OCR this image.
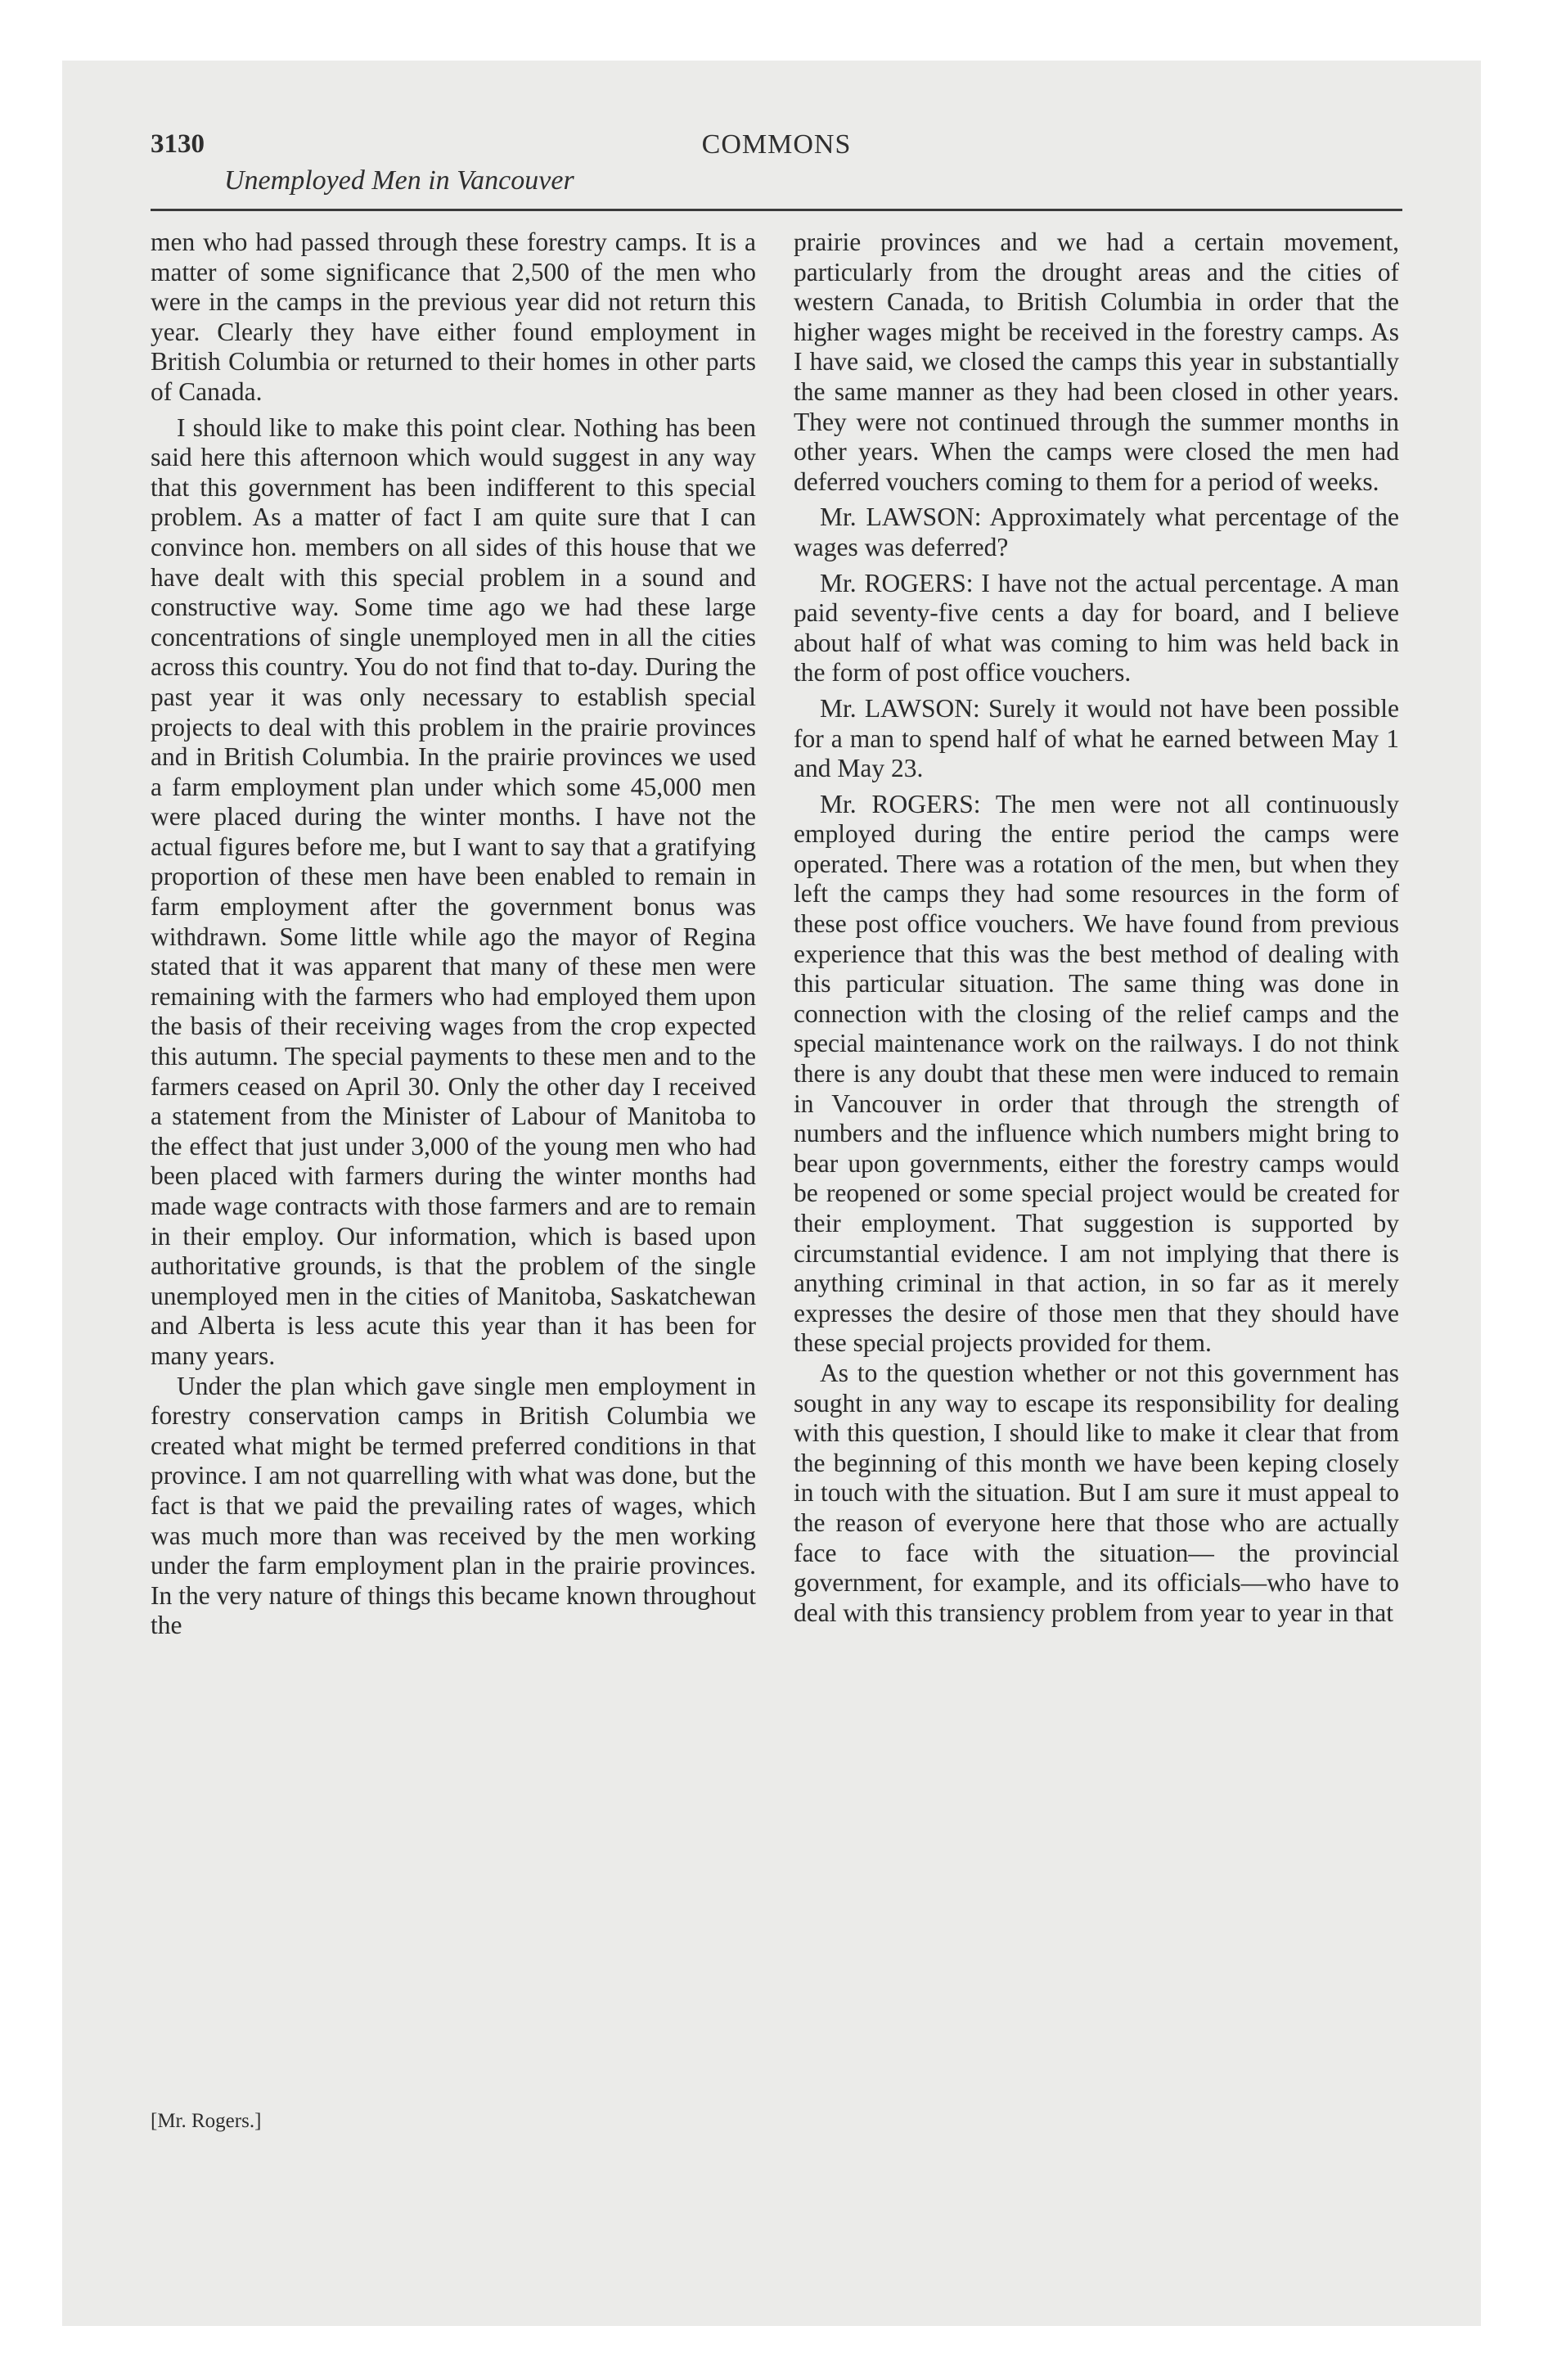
3130	COMMONS
Unemployed Men in Vancouver

men who had passed through these forestry camps. It is a matter of some significance that 2,500 of the men who were in the camps in the previous year did not return this year. Clearly they have either found employment in British Columbia or returned to their homes in other parts of Canada.

I should like to make this point clear. Nothing has been said here this afternoon which would suggest in any way that this government has been indifferent to this special problem. As a matter of fact I am quite sure that I can convince hon. members on all sides of this house that we have dealt with this special problem in a sound and constructive way. Some time ago we had these large concentrations of single unemployed men in all the cities across this country. You do not find that to-day. During the past year it was only necessary to establish special projects to deal with this problem in the prairie provinces and in British Columbia. In the prairie provinces we used a farm employment plan under which some 45,000 men were placed during the winter months. I have not the actual figures before me, but I want to say that a gratifying proportion of these men have been enabled to remain in farm employment after the government bonus was withdrawn. Some little while ago the mayor of Regina stated that it was apparent that many of these men were remaining with the farmers who had employed them upon the basis of their receiving wages from the crop expected this autumn. The special payments to these men and to the farmers ceased on April 30. Only the other day I received a statement from the Minister of Labour of Manitoba to the effect that just under 3,000 of the young men who had been placed with farmers during the winter months had made wage contracts with those farmers and are to remain in their employ. Our information, which is based upon authoritative grounds, is that the problem of the single unemployed men in the cities of Manitoba, Saskatchewan and Alberta is less acute this year than it has been for many years.

Under the plan which gave single men employment in forestry conservation camps in British Columbia we created what might be termed preferred conditions in that province. I am not quarrelling with what was done, but the fact is that we paid the prevailing rates of wages, which was much more than was received by the men working under the farm employment plan in the prairie provinces. In the very nature of things this became known throughout the

prairie provinces and we had a certain movement, particularly from the drought areas and the cities of western Canada, to British Columbia in order that the higher wages might be received in the forestry camps. As I have said, we closed the camps this year in substantially the same manner as they had been closed in other years. They were not continued through the summer months in other years. When the camps were closed the men had deferred vouchers coming to them for a period of weeks.

Mr. LAWSON: Approximately what percentage of the wages was deferred?

Mr. ROGERS: I have not the actual percentage. A man paid seventy-five cents a day for board, and I believe about half of what was coming to him was held back in the form of post office vouchers.

Mr. LAWSON: Surely it would not have been possible for a man to spend half of what he earned between May 1 and May 23.

Mr. ROGERS: The men were not all continuously employed during the entire period the camps were operated. There was a rotation of the men, but when they left the camps they had some resources in the form of these post office vouchers. We have found from previous experience that this was the best method of dealing with this particular situation. The same thing was done in connection with the closing of the relief camps and the special maintenance work on the railways. I do not think there is any doubt that these men were induced to remain in Vancouver in order that through the strength of numbers and the influence which numbers might bring to bear upon governments, either the forestry camps would be reopened or some special project would be created for their employment. That suggestion is supported by circumstantial evidence. I am not implying that there is anything criminal in that action, in so far as it merely expresses the desire of those men that they should have these special projects provided for them.

As to the question whether or not this government has sought in any way to escape its responsibility for dealing with this question, I should like to make it clear that from the beginning of this month we have been keping closely in touch with the situation. But I am sure it must appeal to the reason of everyone here that those who are actually face to face with the situation— the provincial government, for example, and its officials—who have to deal with this transiency problem from year to year in that

[Mr. Rogers.]
